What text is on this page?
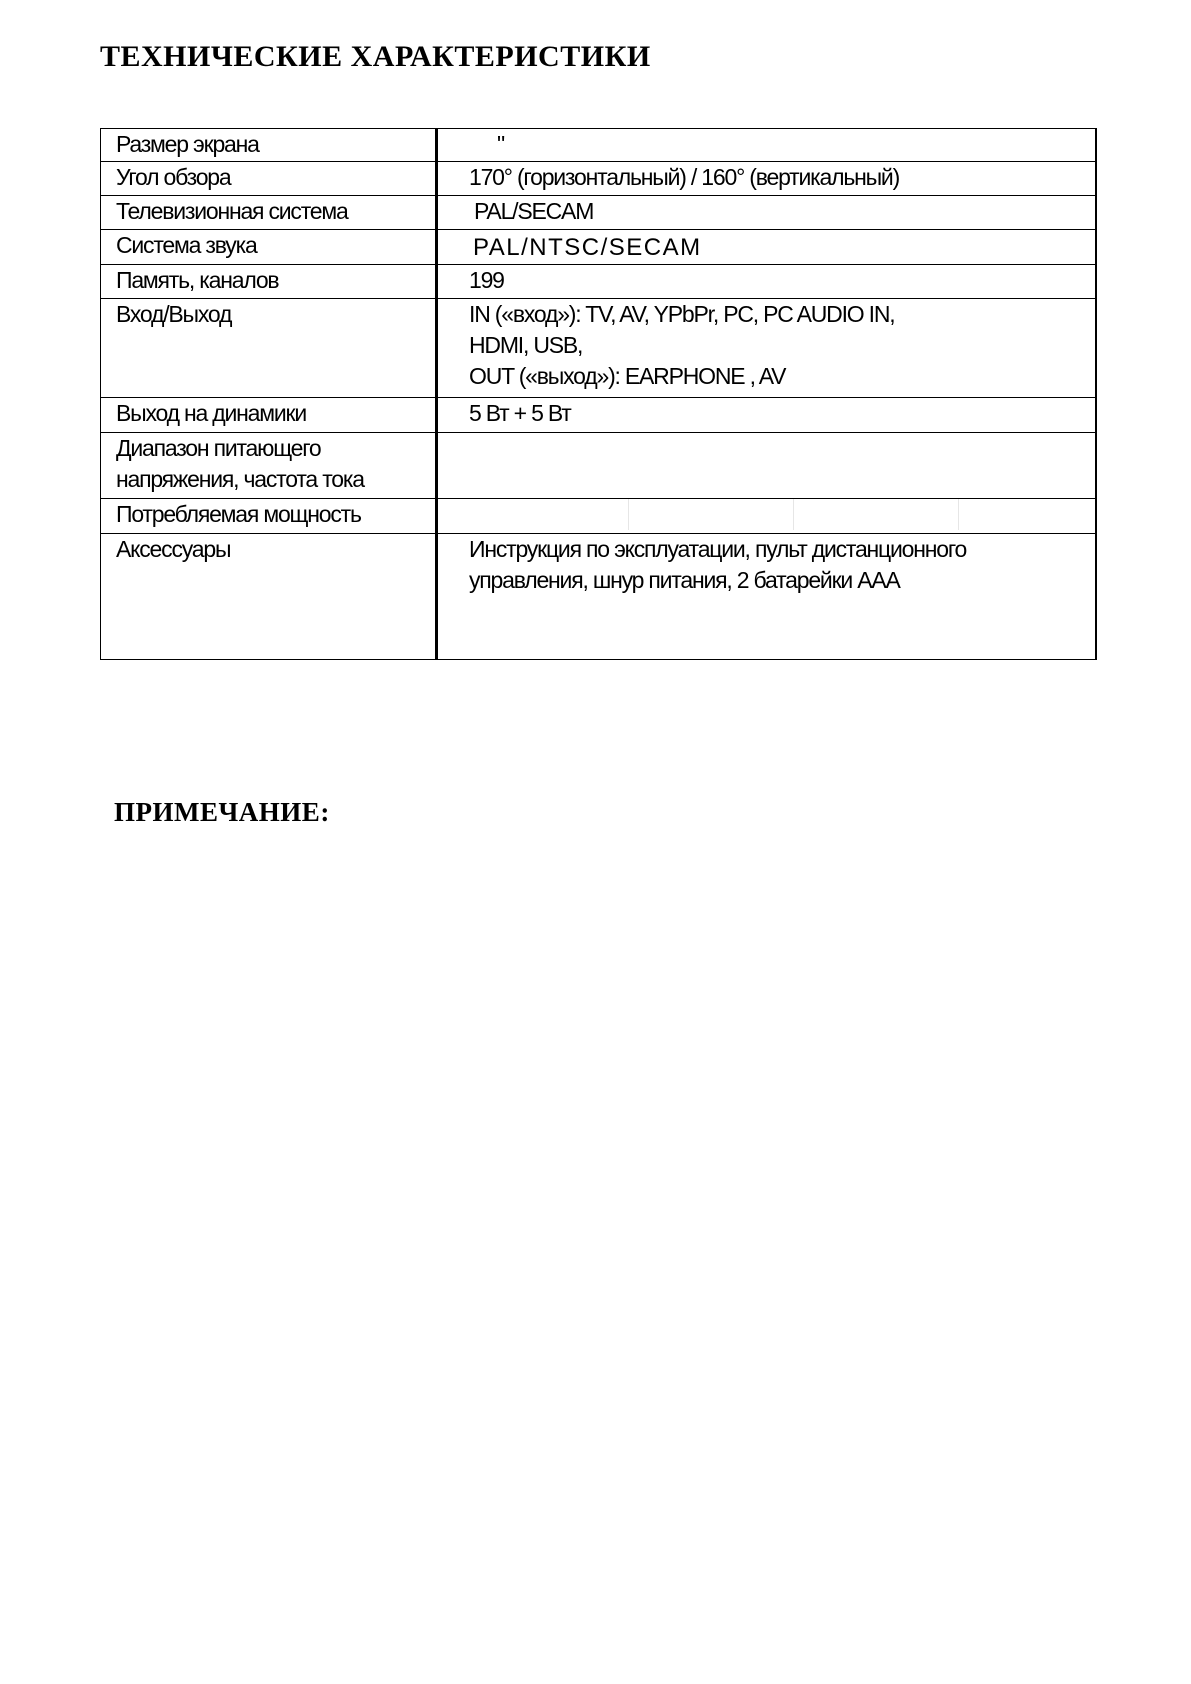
ТЕХНИЧЕСКИЕ ХАРАКТЕРИСТИКИ
Размер экрана	"

Угол обзора	170° (горизонтальный) / 160° (вертикальный)

Телевизионная система	PAL/SECAM

Система звука	PAL/NTSC/SECAM

Память, каналов	199

Вход/Выход	IN («вход»): TV, AV, YPbPr, PC, PC AUDIO IN,
HDMI, USB,
OUT («выход»): EARPHONE , AV

Выход на динамики	5 Вт + 5 Вт

Диапазон питающего
напряжения, частота тока	

Потребляемая мощность	

Аксессуары	Инструкция по эксплуатации, пульт дистанционного
управления, шнур питания, 2 батарейки AAA
ПРИМЕЧАНИЕ:
